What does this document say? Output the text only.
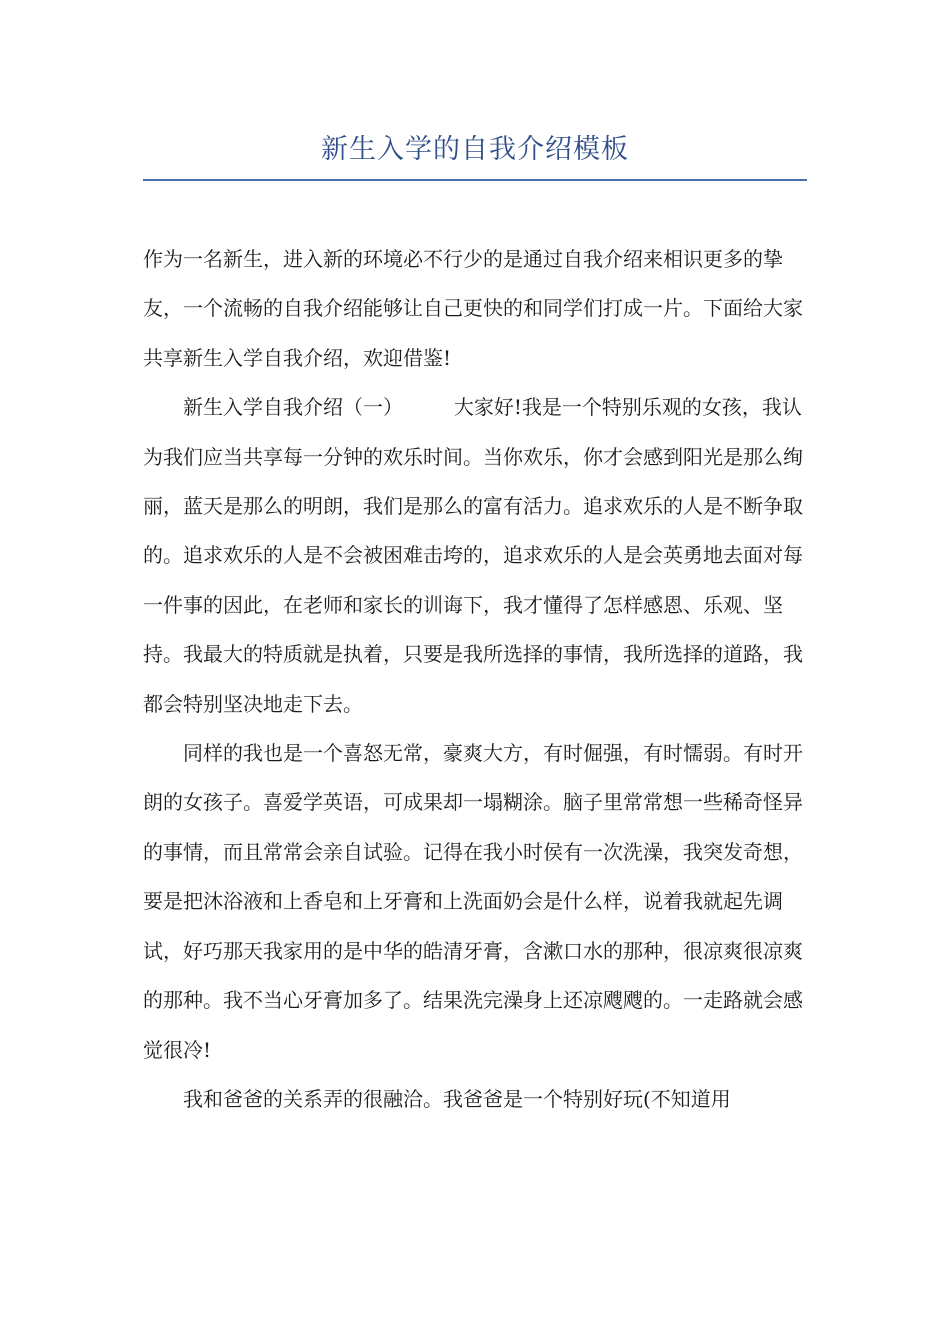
新生入学的自我介绍模板

作为一名新生，进入新的环境必不行少的是通过自我介绍来相识更多的挚友，一个流畅的自我介绍能够让自己更快的和同学们打成一片。下面给大家共享新生入学自我介绍，欢迎借鉴!

新生入学自我介绍（一）        大家好!我是一个特别乐观的女孩，我认为我们应当共享每一分钟的欢乐时间。当你欢乐，你才会感到阳光是那么绚丽，蓝天是那么的明朗，我们是那么的富有活力。追求欢乐的人是不断争取的。追求欢乐的人是不会被困难击垮的，追求欢乐的人是会英勇地去面对每一件事的因此，在老师和家长的训诲下，我才懂得了怎样感恩、乐观、坚持。我最大的特质就是执着，只要是我所选择的事情，我所选择的道路，我都会特别坚决地走下去。

同样的我也是一个喜怒无常，豪爽大方，有时倔强，有时懦弱。有时开朗的女孩子。喜爱学英语，可成果却一塌糊涂。脑子里常常想一些稀奇怪异的事情，而且常常会亲自试验。记得在我小时侯有一次洗澡，我突发奇想，要是把沐浴液和上香皂和上牙膏和上洗面奶会是什么样，说着我就起先调试，好巧那天我家用的是中华的皓清牙膏，含漱口水的那种，很凉爽很凉爽的那种。我不当心牙膏加多了。结果洗完澡身上还凉飕飕的。一走路就会感觉很冷!

我和爸爸的关系弄的很融洽。我爸爸是一个特别好玩(不知道用
